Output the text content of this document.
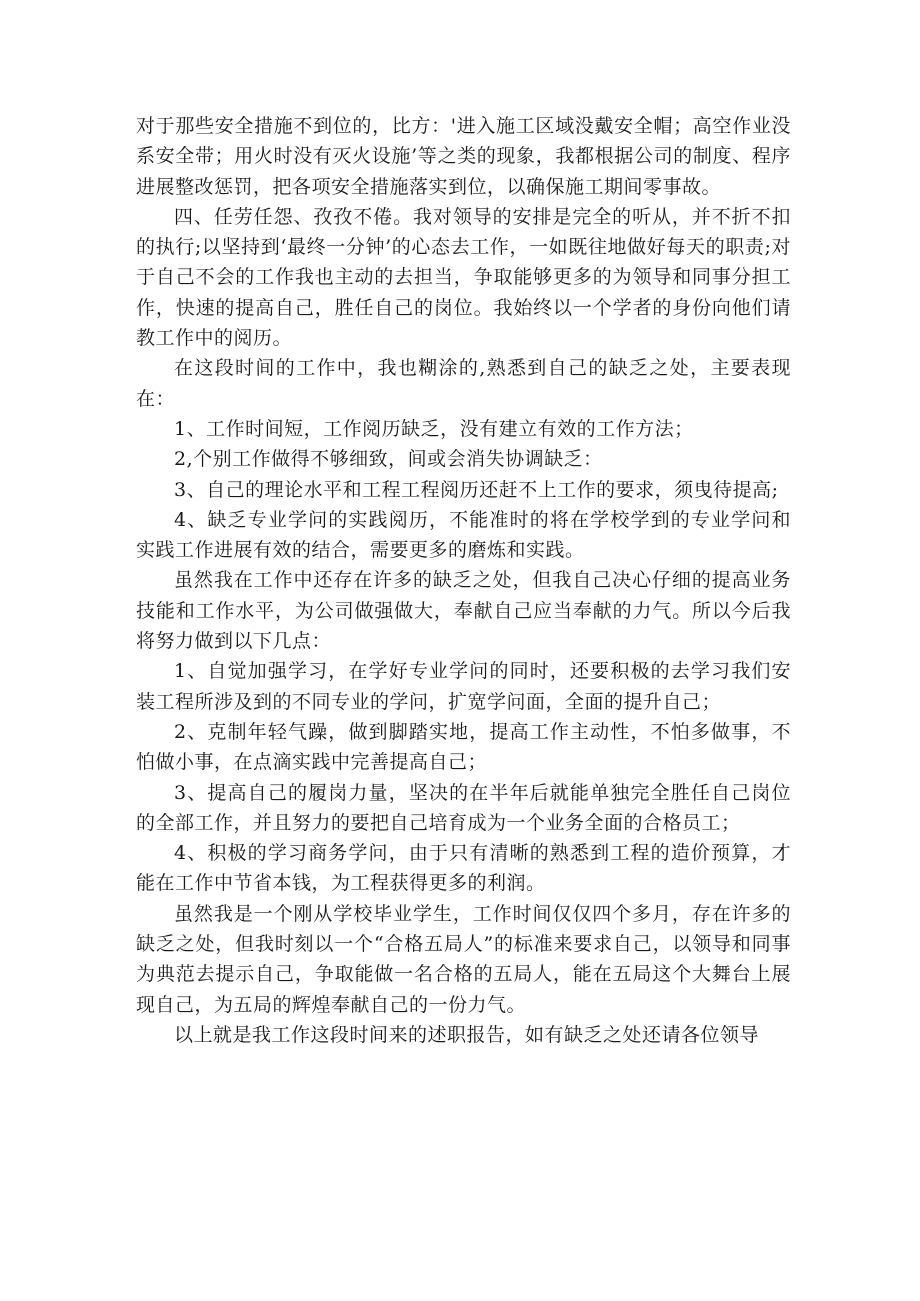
对于那些安全措施不到位的，比方：'进入施工区域没戴安全帽；高空作业没系安全带；用火时没有灭火设施’等之类的现象，我都根据公司的制度、程序进展整改惩罚，把各项安全措施落实到位，以确保施工期间零事故。

四、任劳任怨、孜孜不倦。我对领导的安排是完全的听从，并不折不扣的执行;以坚持到‘最终一分钟’的心态去工作，一如既往地做好每天的职责;对于自己不会的工作我也主动的去担当，争取能够更多的为领导和同事分担工作，快速的提高自己，胜任自己的岗位。我始终以一个学者的身份向他们请教工作中的阅历。

在这段时间的工作中，我也糊涂的,熟悉到自己的缺乏之处，主要表现在：

1、工作时间短，工作阅历缺乏，没有建立有效的工作方法；

2,个别工作做得不够细致，间或会消失协调缺乏：

3、自己的理论水平和工程工程阅历还赶不上工作的要求，须曳待提高;

4、缺乏专业学问的实践阅历，不能准时的将在学校学到的专业学问和实践工作进展有效的结合，需要更多的磨炼和实践。

虽然我在工作中还存在许多的缺乏之处，但我自己决心仔细的提高业务技能和工作水平，为公司做强做大，奉献自己应当奉献的力气。所以今后我将努力做到以下几点：

1、自觉加强学习，在学好专业学问的同时，还要积极的去学习我们安装工程所涉及到的不同专业的学问，扩宽学问面，全面的提升自己；

2、克制年轻气躁，做到脚踏实地，提高工作主动性，不怕多做事，不怕做小事，在点滴实践中完善提高自己；

3、提高自己的履岗力量，坚决的在半年后就能单独完全胜任自己岗位的全部工作，并且努力的要把自己培育成为一个业务全面的合格员工；

4、积极的学习商务学问，由于只有清晰的熟悉到工程的造价预算，才能在工作中节省本钱，为工程获得更多的利润。

虽然我是一个刚从学校毕业学生，工作时间仅仅四个多月，存在许多的缺乏之处，但我时刻以一个“合格五局人”的标准来要求自己，以领导和同事为典范去提示自己，争取能做一名合格的五局人，能在五局这个大舞台上展现自己，为五局的辉煌奉献自己的一份力气。

以上就是我工作这段时间来的述职报告，如有缺乏之处还请各位领导
